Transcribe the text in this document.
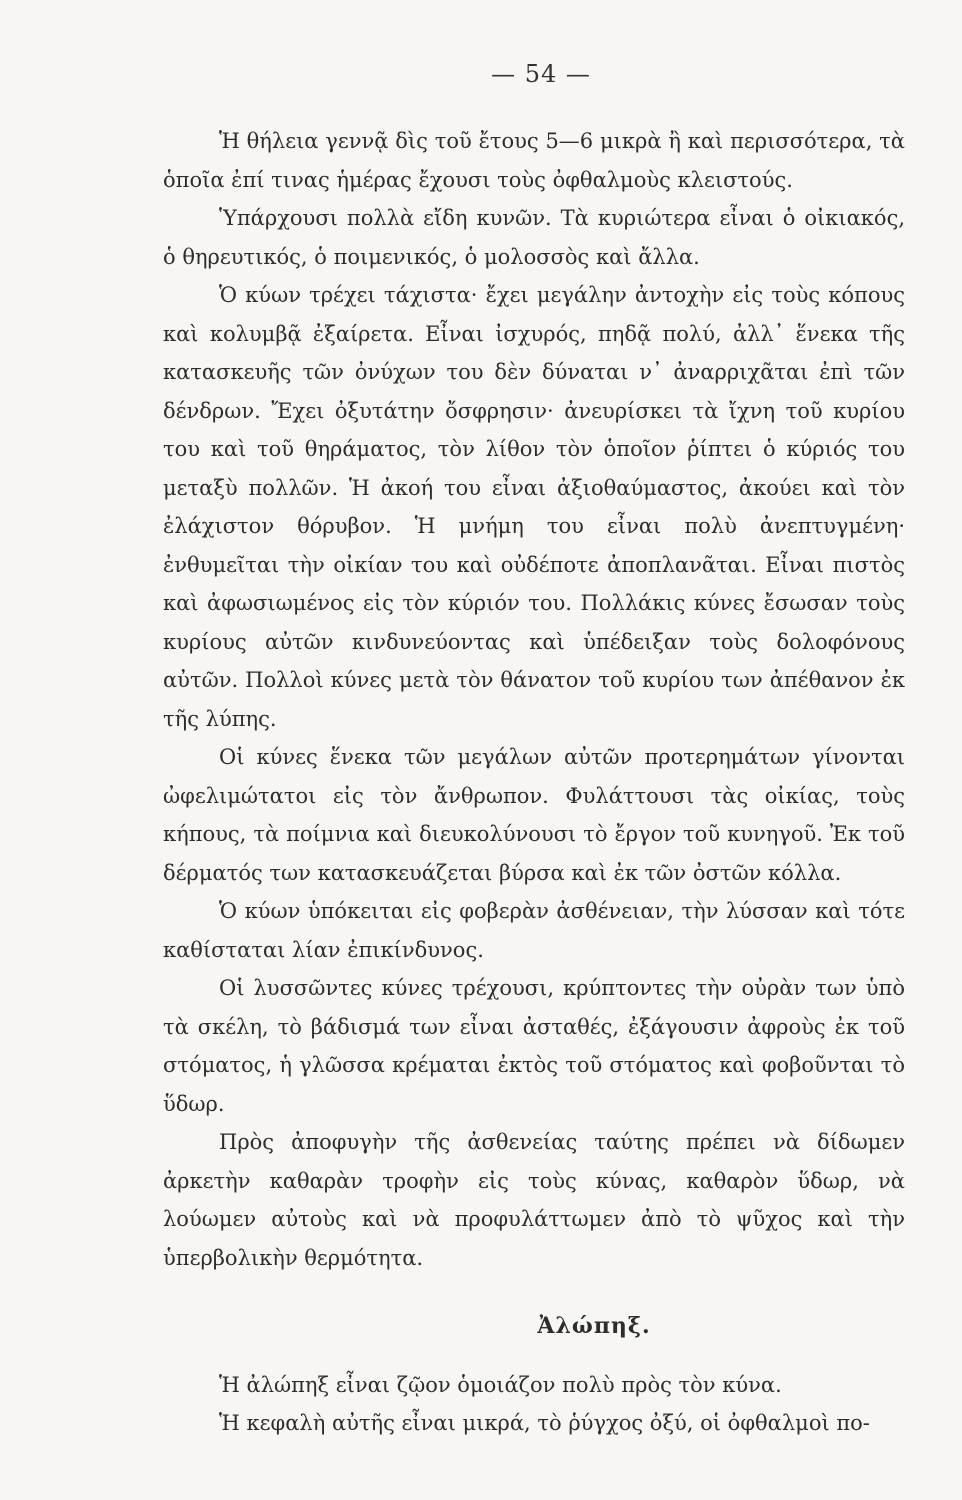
— 54 —

Ἡ θήλεια γεννᾷ δὶς τοῦ ἔτους 5—6 μικρὰ ἢ καὶ περισσότερα, τὰ ὁποῖα ἐπί τινας ἡμέρας ἔχουσι τοὺς ὀφθαλμοὺς κλειστούς.

Ὑπάρχουσι πολλὰ εἴδη κυνῶν. Τὰ κυριώτερα εἶναι ὁ οἰκιακός, ὁ θηρευτικός, ὁ ποιμενικός, ὁ μολοσσὸς καὶ ἄλλα.

Ὁ κύων τρέχει τάχιστα· ἔχει μεγάλην ἀντοχὴν εἰς τοὺς κόπους καὶ κολυμβᾷ ἐξαίρετα. Εἶναι ἰσχυρός, πηδᾷ πολύ, ἀλλ᾽ ἕνεκα τῆς κατασκευῆς τῶν ὀνύχων του δὲν δύναται ν᾽ ἀναρριχᾶται ἐπὶ τῶν δένδρων. Ἔχει ὀξυτάτην ὄσφρησιν· ἀνευρίσκει τὰ ἴχνη τοῦ κυρίου του καὶ τοῦ θηράματος, τὸν λίθον τὸν ὁποῖον ῥίπτει ὁ κύριός του μεταξὺ πολλῶν. Ἡ ἀκοή του εἶναι ἀξιοθαύμαστος, ἀκούει καὶ τὸν ἐλάχιστον θόρυβον. Ἡ μνήμη του εἶναι πολὺ ἀνεπτυγμένη· ἐνθυμεῖται τὴν οἰκίαν του καὶ οὐδέποτε ἀποπλανᾶται. Εἶναι πιστὸς καὶ ἀφωσιωμένος εἰς τὸν κύριόν του. Πολλάκις κύνες ἔσωσαν τοὺς κυρίους αὐτῶν κινδυνεύοντας καὶ ὑπέδειξαν τοὺς δολοφόνους αὐτῶν. Πολλοὶ κύνες μετὰ τὸν θάνατον τοῦ κυρίου των ἀπέθανον ἐκ τῆς λύπης.

Οἱ κύνες ἕνεκα τῶν μεγάλων αὐτῶν προτερημάτων γίνονται ὠφελιμώτατοι εἰς τὸν ἄνθρωπον. Φυλάττουσι τὰς οἰκίας, τοὺς κήπους, τὰ ποίμνια καὶ διευκολύνουσι τὸ ἔργον τοῦ κυνηγοῦ. Ἐκ τοῦ δέρματός των κατασκευάζεται βύρσα καὶ ἐκ τῶν ὀστῶν κόλλα.

Ὁ κύων ὑπόκειται εἰς φοβερὰν ἀσθένειαν, τὴν λύσσαν καὶ τότε καθίσταται λίαν ἐπικίνδυνος.

Οἱ λυσσῶντες κύνες τρέχουσι, κρύπτοντες τὴν οὐρὰν των ὑπὸ τὰ σκέλη, τὸ βάδισμά των εἶναι ἀσταθές, ἐξάγουσιν ἀφροὺς ἐκ τοῦ στόματος, ἡ γλῶσσα κρέμαται ἐκτὸς τοῦ στόματος καὶ φοβοῦνται τὸ ὕδωρ.

Πρὸς ἀποφυγὴν τῆς ἀσθενείας ταύτης πρέπει νὰ δίδωμεν ἀρκετὴν καθαρὰν τροφὴν εἰς τοὺς κύνας, καθαρὸν ὕδωρ, νὰ λούωμεν αὐτοὺς καὶ νὰ προφυλάττωμεν ἀπὸ τὸ ψῦχος καὶ τὴν ὑπερβολικὴν θερμότητα.

Ἀλώπηξ.

Ἡ ἀλώπηξ εἶναι ζῷον ὁμοιάζον πολὺ πρὸς τὸν κύνα.

Ἡ κεφαλὴ αὐτῆς εἶναι μικρά, τὸ ῥύγχος ὀξύ, οἱ ὀφθαλμοὶ πο-
